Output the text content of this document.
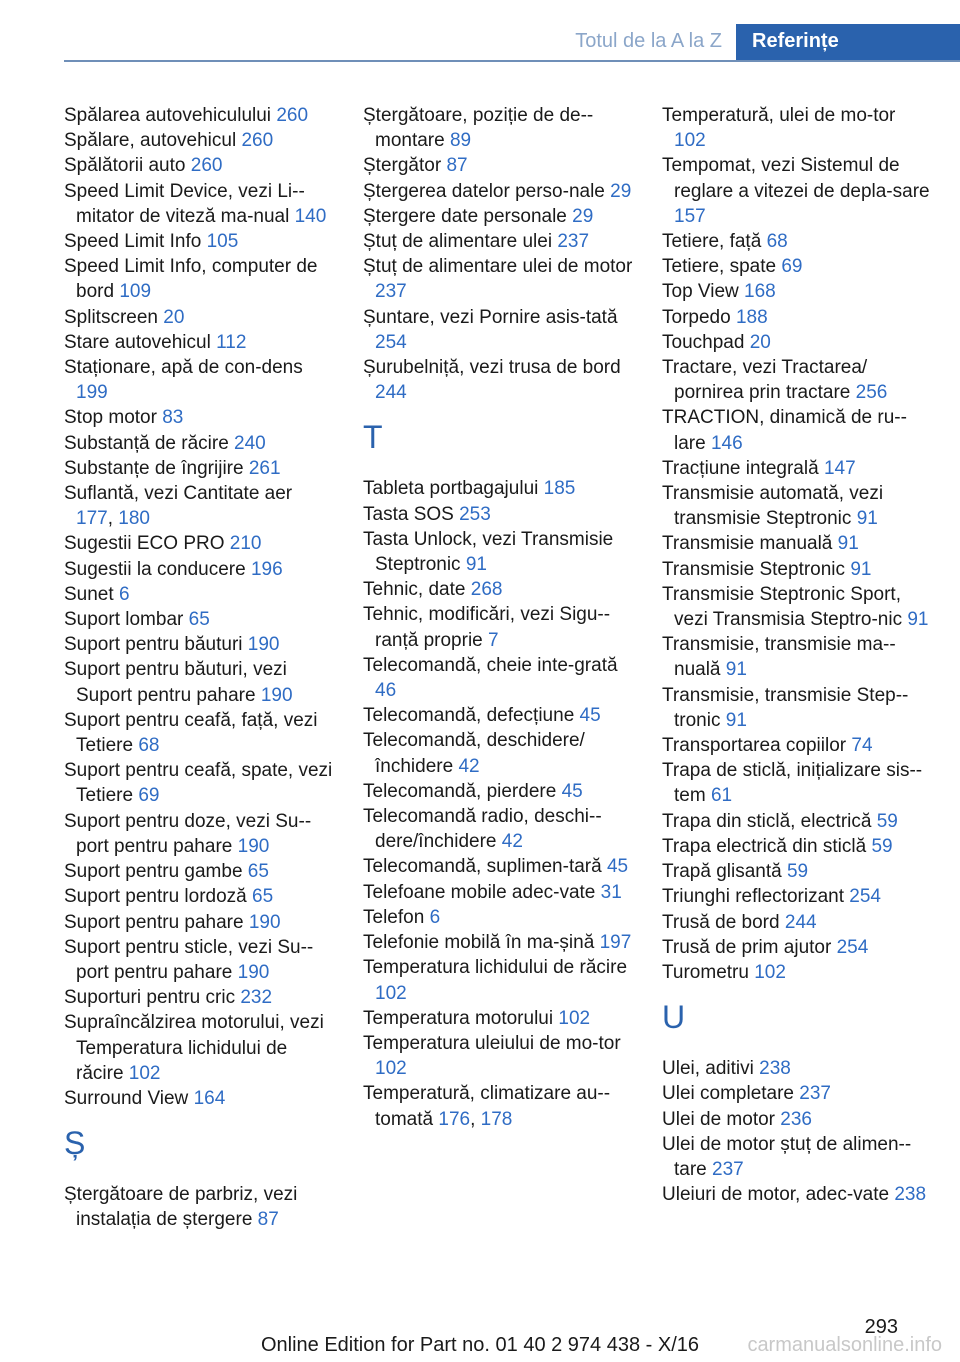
Totul de la A la Z	Referințe
Spălarea autovehiculului 260
Spălare, autovehicul 260
Spălătorii auto 260
Speed Limit Device, vezi Li-mitator de viteză ma-nual 140
Speed Limit Info 105
Speed Limit Info, computer de bord 109
Splitscreen 20
Stare autovehicul 112
Staționare, apă de con-dens 199
Stop motor 83
Substanță de răcire 240
Substanțe de îngrijire 261
Suflantă, vezi Cantitate aer 177, 180
Sugestii ECO PRO 210
Sugestii la conducere 196
Sunet 6
Suport lombar 65
Suport pentru băuturi 190
Suport pentru băuturi, vezi Suport pentru pahare 190
Suport pentru ceafă, față, vezi Tetiere 68
Suport pentru ceafă, spate, vezi Tetiere 69
Suport pentru doze, vezi Su-port pentru pahare 190
Suport pentru gambe 65
Suport pentru lordoză 65
Suport pentru pahare 190
Suport pentru sticle, vezi Su-port pentru pahare 190
Suporturi pentru cric 232
Supraîncălzirea motorului, vezi Temperatura lichidului de răcire 102
Surround View 164
Ș
Ștergătoare de parbriz, vezi instalația de ștergere 87
Ștergătoare, poziție de de-montare 89
Ștergător 87
Ștergerea datelor perso-nale 29
Ștergere date personale 29
Ștuț de alimentare ulei 237
Ștuț de alimentare ulei de motor 237
Șuntare, vezi Pornire asis-tată 254
Șurubelniță, vezi trusa de bord 244
T
Tableta portbagajului 185
Tasta SOS 253
Tasta Unlock, vezi Transmisie Steptronic 91
Tehnic, date 268
Tehnic, modificări, vezi Sigu-ranță proprie 7
Telecomandă, cheie inte-grată 46
Telecomandă, defecțiune 45
Telecomandă, deschidere/​închidere 42
Telecomandă, pierdere 45
Telecomandă radio, deschi-dere/închidere 42
Telecomandă, suplimen-tară 45
Telefoane mobile adec-vate 31
Telefon 6
Telefonie mobilă în ma-șină 197
Temperatura lichidului de răcire 102
Temperatura motorului 102
Temperatura uleiului de mo-tor 102
Temperatură, climatizare au-tomată 176, 178
Temperatură, ulei de mo-tor 102
Tempomat, vezi Sistemul de reglare a vitezei de depla-sare 157
Tetiere, față 68
Tetiere, spate 69
Top View 168
Torpedo 188
Touchpad 20
Tractare, vezi Tractarea/​pornirea prin tractare 256
TRACTION, dinamică de ru-lare 146
Tracțiune integrală 147
Transmisie automată, vezi transmisie Steptronic 91
Transmisie manuală 91
Transmisie Steptronic 91
Transmisie Steptronic Sport, vezi Transmisia Steptro-nic 91
Transmisie, transmisie ma-nuală 91
Transmisie, transmisie Step-tronic 91
Transportarea copiilor 74
Trapa de sticlă, inițializare sis-tem 61
Trapa din sticlă, electrică 59
Trapa electrică din sticlă 59
Trapă glisantă 59
Triunghi reflectorizant 254
Trusă de bord 244
Trusă de prim ajutor 254
Turometru 102
U
Ulei, aditivi 238
Ulei completare 237
Ulei de motor 236
Ulei de motor ștuț de alimen-tare 237
Uleiuri de motor, adec-vate 238
293
Online Edition for Part no. 01 40 2 974 438 - X/16	carmanualsonline.info
